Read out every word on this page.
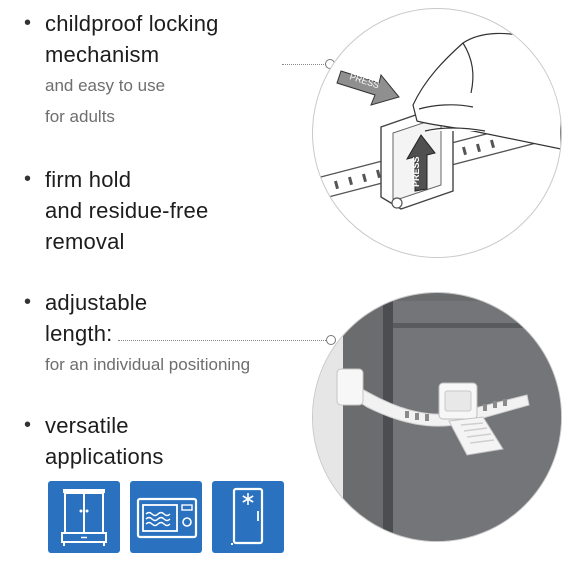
• childproof locking
mechanism
and easy to use
for adults
• firm hold
and residue-free
removal
• adjustable
length:
for an individual positioning
• versatile
applications
PRESS
PRESS
